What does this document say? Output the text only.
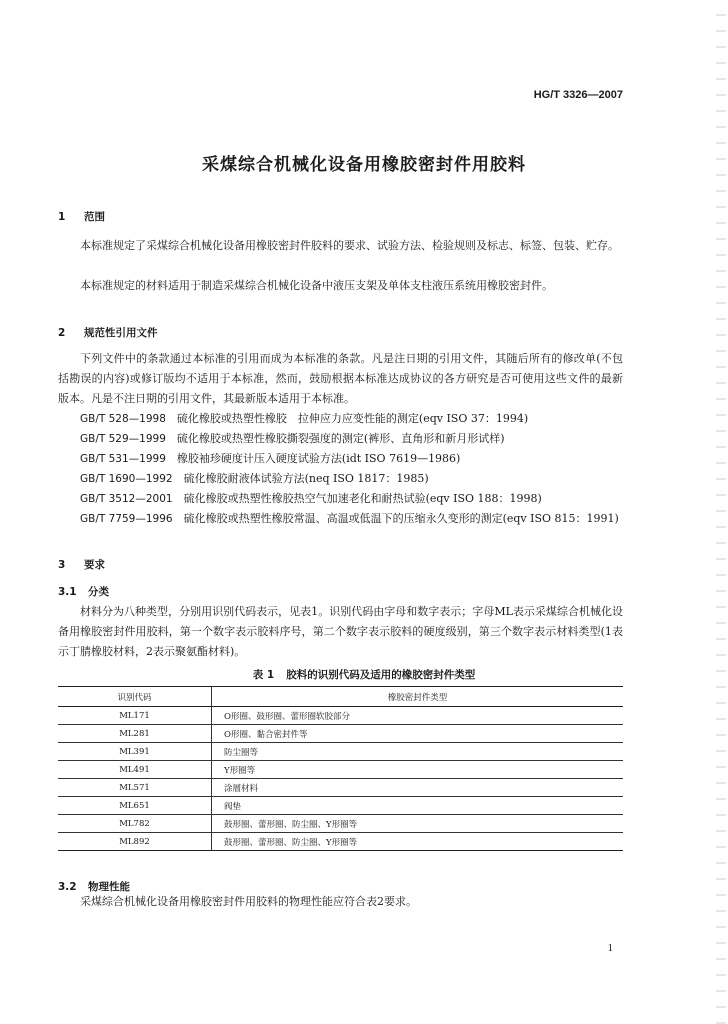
HG/T 3326—2007
采煤综合机械化设备用橡胶密封件用胶料
1 范围
本标准规定了采煤综合机械化设备用橡胶密封件胶料的要求、试验方法、检验规则及标志、标签、包装、贮存。
本标准规定的材料适用于制造采煤综合机械化设备中液压支架及单体支柱液压系统用橡胶密封件。
2 规范性引用文件
下列文件中的条款通过本标准的引用而成为本标准的条款。凡是注日期的引用文件，其随后所有的修改单(不包括勘误的内容)或修订版均不适用于本标准，然而，鼓励根据本标准达成协议的各方研究是否可使用这些文件的最新版本。凡是不注日期的引用文件，其最新版本适用于本标准。
GB/T 528—1998　 硫化橡胶或热塑性橡胶　拉伸应力应变性能的测定(eqv ISO 37：1994)
GB/T 529—1999　 硫化橡胶或热塑性橡胶撕裂强度的测定(裤形、直角形和新月形试样)
GB/T 531—1999　 橡胶袖珍硬度计压入硬度试验方法(idt ISO 7619—1986)
GB/T 1690—1992　 硫化橡胶耐液体试验方法(neq ISO 1817：1985)
GB/T 3512—2001　 硫化橡胶或热塑性橡胶热空气加速老化和耐热试验(eqv ISO 188：1998)
GB/T 7759—1996　 硫化橡胶或热塑性橡胶常温、高温或低温下的压缩永久变形的测定(eqv ISO 815：1991)
3 要求
3.1 分类
材料分为八种类型，分别用识别代码表示，见表1。识别代码由字母和数字表示；字母ML表示采煤综合机械化设备用橡胶密封件用胶料，第一个数字表示胶料序号，第二个数字表示胶料的硬度级别，第三个数字表示材料类型(1表示丁腈橡胶材料，2表示聚氨酯材料)。
表 1 胶料的识别代码及适用的橡胶密封件类型
识别代码	橡胶密封件类型
ML171	O形圈、鼓形圈、蕾形圈软胶部分
ML281	O形圈、黏合密封件等
ML391	防尘圈等
ML491	Y形圈等
ML571	涂層材料
ML651	阀垫
ML782	鼓形圈、蕾形圈、防尘圈、Y形圈等
ML892	鼓形圈、蕾形圈、防尘圈、Y形圈等
3.2 物理性能
采煤综合机械化设备用橡胶密封件用胶料的物理性能应符合表2要求。
1
